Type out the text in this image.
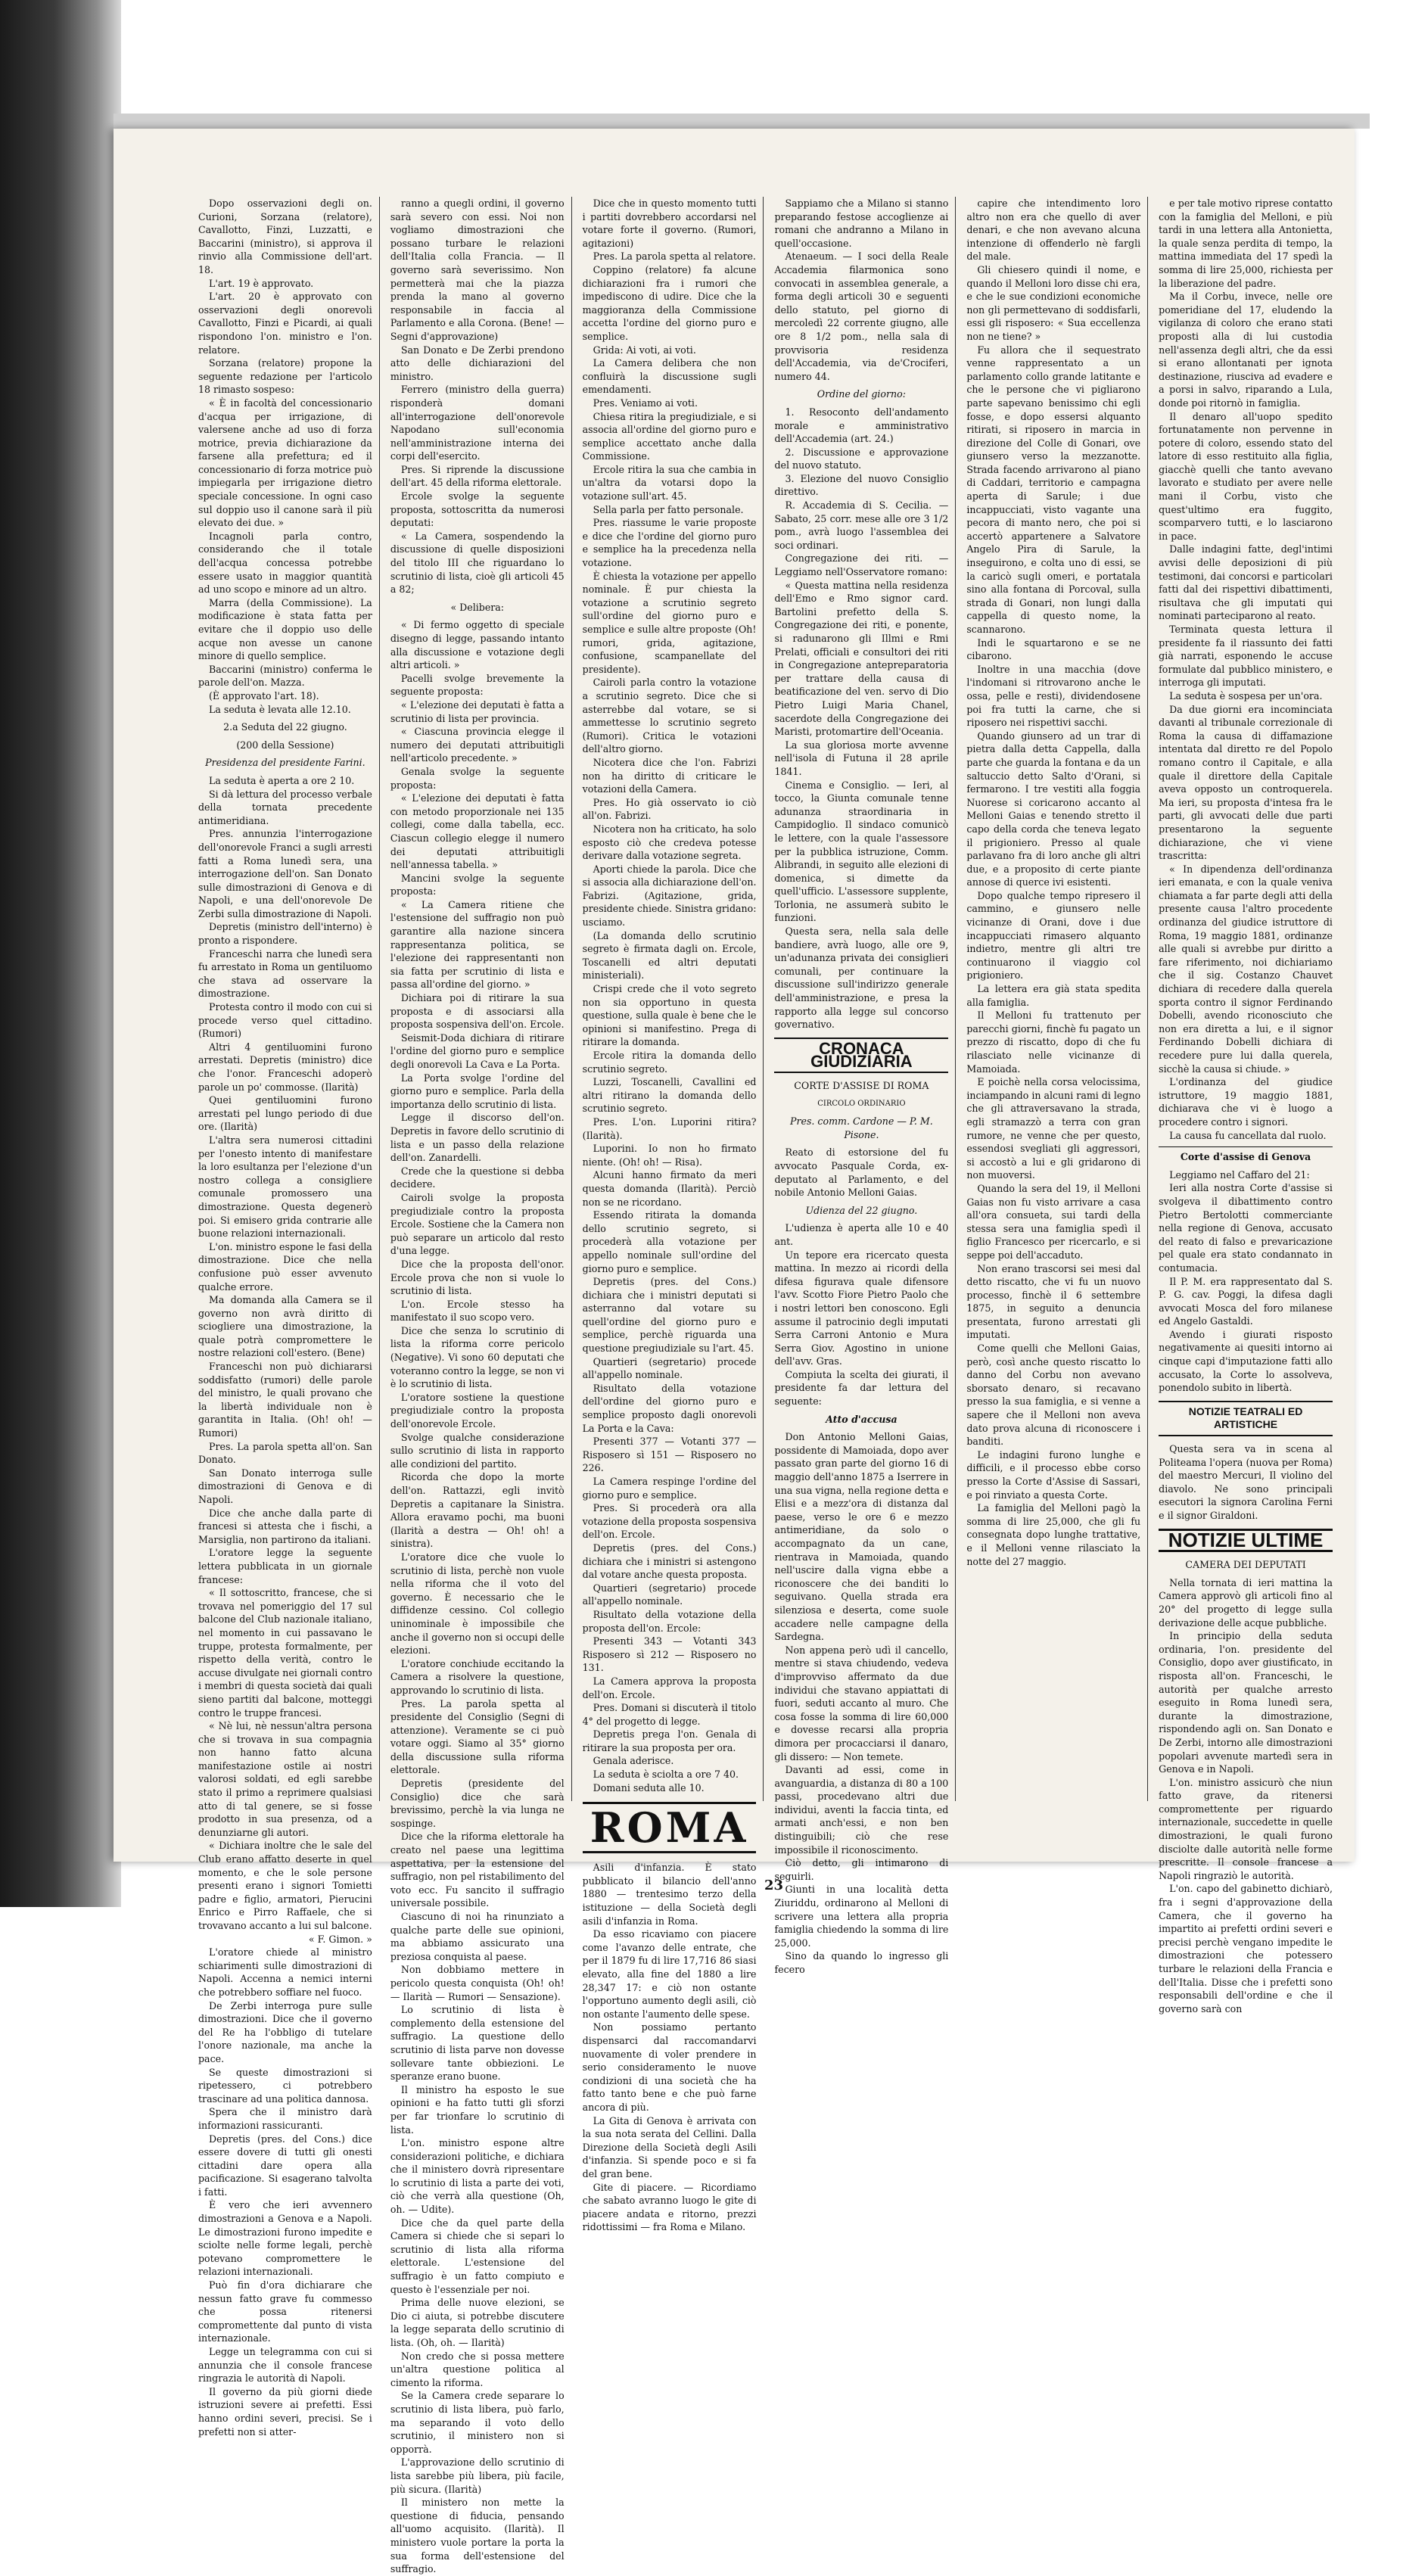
Dopo osservazioni degli on. Curioni, Sorzana (relatore), Cavallotto, Finzi, Luzzatti, e Baccarini (ministro), si approva il rinvio alla Commissione dell'art. 18.

L'art. 19 è approvato.

L'art. 20 è approvato con osservazioni degli onorevoli Cavallotto, Finzi e Picardi, ai quali rispondono l'on. ministro e l'on. relatore.

Sorzana (relatore) propone la seguente redazione per l'articolo 18 rimasto sospeso:

« È in facoltà del concessionario d'acqua per irrigazione, di valersene anche ad uso di forza motrice, previa dichiarazione da farsene alla prefettura; ed il concessionario di forza motrice può impiegarla per irrigazione dietro speciale concessione. In ogni caso sul doppio uso il canone sarà il più elevato dei due. »

Incagnoli parla contro, considerando che il totale dell'acqua concessa potrebbe essere usato in maggior quantità ad uno scopo e minore ad un altro.

Marra (della Commissione). La modificazione è stata fatta per evitare che il doppio uso delle acque non avesse un canone minore di quello semplice.

Baccarini (ministro) conferma le parole dell'on. Mazza.

(È approvato l'art. 18).

La seduta è levata alle 12.10.

2.a Seduta del 22 giugno.

(200 della Sessione)

Presidenza del presidente Farini.

La seduta è aperta a ore 2 10.

Si dà lettura del processo verbale della tornata precedente antimeridiana.

Pres. annunzia l'interrogazione dell'onorevole Franci a sugli arresti fatti a Roma lunedì sera, una interrogazione dell'on. San Donato sulle dimostrazioni di Genova e di Napoli, e una dell'onorevole De Zerbi sulla dimostrazione di Napoli.

Depretis (ministro dell'interno) è pronto a rispondere.

Franceschi narra che lunedì sera fu arrestato in Roma un gentiluomo che stava ad osservare la dimostrazione.

Protesta contro il modo con cui si procede verso quel cittadino. (Rumori)

Altri 4 gentiluomini furono arrestati. Depretis (ministro) dice che l'onor. Franceschi adoperò parole un po' commosse. (Ilarità)

Quei gentiluomini furono arrestati pel lungo periodo di due ore. (Ilarità)

L'altra sera numerosi cittadini per l'onesto intento di manifestare la loro esultanza per l'elezione d'un nostro collega a consigliere comunale promossero una dimostrazione. Questa degenerò poi. Si emisero grida contrarie alle buone relazioni internazionali.

L'on. ministro espone le fasi della dimostrazione. Dice che nella confusione può esser avvenuto qualche errore.

Ma domanda alla Camera se il governo non avrà diritto di sciogliere una dimostrazione, la quale potrà compromettere le nostre relazioni coll'estero. (Bene)

Franceschi non può dichiararsi soddisfatto (rumori) delle parole del ministro, le quali provano che la libertà individuale non è garantita in Italia. (Oh! oh! — Rumori)

Pres. La parola spetta all'on. San Donato.

San Donato interroga sulle dimostrazioni di Genova e di Napoli.

Dice che anche dalla parte di francesi si attesta che i fischi, a Marsiglia, non partirono da italiani.

L'oratore legge la seguente lettera pubblicata in un giornale francese:

« Il sottoscritto, francese, che si trovava nel pomeriggio del 17 sul balcone del Club nazionale italiano, nel momento in cui passavano le truppe, protesta formalmente, per rispetto della verità, contro le accuse divulgate nei giornali contro i membri di questa società dai quali sieno partiti dal balcone, motteggi contro le truppe francesi.

« Nè lui, nè nessun'altra persona che si trovava in sua compagnia non hanno fatto alcuna manifestazione ostile ai nostri valorosi soldati, ed egli sarebbe stato il primo a reprimere qualsiasi atto di tal genere, se si fosse prodotto in sua presenza, od a denunziarne gli autori.

« Dichiara inoltre che le sale del Club erano affatto deserte in quel momento, e che le sole persone presenti erano i signori Tomietti padre e figlio, armatori, Pierucini Enrico e Pirro Raffaele, che si trovavano accanto a lui sul balcone.

« F. Gimon. »

L'oratore chiede al ministro schiarimenti sulle dimostrazioni di Napoli. Accenna a nemici interni che potrebbero soffiare nel fuoco.

De Zerbi interroga pure sulle dimostrazioni. Dice che il governo del Re ha l'obbligo di tutelare l'onore nazionale, ma anche la pace.

Se queste dimostrazioni si ripetessero, ci potrebbero trascinare ad una politica dannosa.

Spera che il ministro darà informazioni rassicuranti.

Depretis (pres. del Cons.) dice essere dovere di tutti gli onesti cittadini dare opera alla pacificazione. Si esagerano talvolta i fatti.

È vero che ieri avvennero dimostrazioni a Genova e a Napoli. Le dimostrazioni furono impedite e sciolte nelle forme legali, perchè potevano compromettere le relazioni internazionali.

Può fin d'ora dichiarare che nessun fatto grave fu commesso che possa ritenersi compromettente dal punto di vista internazionale.

Legge un telegramma con cui si annunzia che il console francese ringrazia le autorità di Napoli.

Il governo da più giorni diede istruzioni severe ai prefetti. Essi hanno ordini severi, precisi. Se i prefetti non si atter-

ranno a quegli ordini, il governo sarà severo con essi. Noi non vogliamo dimostrazioni che possano turbare le relazioni dell'Italia colla Francia. — Il governo sarà severissimo. Non permetterà mai che la piazza prenda la mano al governo responsabile in faccia al Parlamento e alla Corona. (Bene! — Segni d'approvazione)

San Donato e De Zerbi prendono atto delle dichiarazioni del ministro.

Ferrero (ministro della guerra) risponderà domani all'interrogazione dell'onorevole Napodano sull'economia nell'amministrazione interna dei corpi dell'esercito.

Pres. Si riprende la discussione dell'art. 45 della riforma elettorale.

Ercole svolge la seguente proposta, sottoscritta da numerosi deputati:

« La Camera, sospendendo la discussione di quelle disposizioni del titolo III che riguardano lo scrutinio di lista, cioè gli articoli 45 a 82;

« Delibera:

« Di fermo oggetto di speciale disegno di legge, passando intanto alla discussione e votazione degli altri articoli. »

Pacelli svolge brevemente la seguente proposta:

« L'elezione dei deputati è fatta a scrutinio di lista per provincia.

« Ciascuna provincia elegge il numero dei deputati attribuitigli nell'articolo precedente. »

Genala svolge la seguente proposta:

« L'elezione dei deputati è fatta con metodo proporzionale nei 135 collegi, come dalla tabella, ecc. Ciascun collegio elegge il numero dei deputati attribuitigli nell'annessa tabella. »

Mancini svolge la seguente proposta:

« La Camera ritiene che l'estensione del suffragio non può garantire alla nazione sincera rappresentanza politica, se l'elezione dei rappresentanti non sia fatta per scrutinio di lista e passa all'ordine del giorno. »

Dichiara poi di ritirare la sua proposta e di associarsi alla proposta sospensiva dell'on. Ercole.

Seismit-Doda dichiara di ritirare l'ordine del giorno puro e semplice degli onorevoli La Cava e La Porta.

La Porta svolge l'ordine del giorno puro e semplice. Parla della importanza dello scrutinio di lista.

Legge il discorso dell'on. Depretis in favore dello scrutinio di lista e un passo della relazione dell'on. Zanardelli.

Crede che la questione si debba decidere.

Cairoli svolge la proposta pregiudiziale contro la proposta Ercole. Sostiene che la Camera non può separare un articolo dal resto d'una legge.

Dice che la proposta dell'onor. Ercole prova che non si vuole lo scrutinio di lista.

L'on. Ercole stesso ha manifestato il suo scopo vero.

Dice che senza lo scrutinio di lista la riforma corre pericolo (Negative). Vi sono 60 deputati che voteranno contro la legge, se non vi è lo scrutinio di lista.

L'oratore sostiene la questione pregiudiziale contro la proposta dell'onorevole Ercole.

Svolge qualche considerazione sullo scrutinio di lista in rapporto alle condizioni del partito.

Ricorda che dopo la morte dell'on. Rattazzi, egli invitò Depretis a capitanare la Sinistra. Allora eravamo pochi, ma buoni (Ilarità a destra — Oh! oh! a sinistra).

L'oratore dice che vuole lo scrutinio di lista, perchè non vuole nella riforma che il voto del governo. È necessario che le diffidenze cessino. Col collegio uninominale è impossibile che anche il governo non si occupi delle elezioni.

L'oratore conchiude eccitando la Camera a risolvere la questione, approvando lo scrutinio di lista.

Pres. La parola spetta al presidente del Consiglio (Segni di attenzione). Veramente se ci può votare oggi. Siamo al 35° giorno della discussione sulla riforma elettorale.

Depretis (presidente del Consiglio) dice che sarà brevissimo, perchè la via lunga ne sospinge.

Dice che la riforma elettorale ha creato nel paese una legittima aspettativa, per la estensione del suffragio, non pel ristabilimento del voto ecc. Fu sancito il suffragio universale possibile.

Ciascuno di noi ha rinunziato a qualche parte delle sue opinioni, ma abbiamo assicurato una preziosa conquista al paese.

Non dobbiamo mettere in pericolo questa conquista (Oh! oh! — Ilarità — Rumori — Sensazione).

Lo scrutinio di lista è complemento della estensione del suffragio. La questione dello scrutinio di lista parve non dovesse sollevare tante obbiezioni. Le speranze erano buone.

Il ministro ha esposto le sue opinioni e ha fatto tutti gli sforzi per far trionfare lo scrutinio di lista.

L'on. ministro espone altre considerazioni politiche, e dichiara che il ministero dovrà ripresentare lo scrutinio di lista a parte dei voti, ciò che verrà alla questione (Oh, oh. — Udite).

Dice che da quel parte della Camera si chiede che si separi lo scrutinio di lista alla riforma elettorale. L'estensione del suffragio è un fatto compiuto e questo è l'essenziale per noi.

Prima delle nuove elezioni, se Dio ci aiuta, si potrebbe discutere la legge separata dello scrutinio di lista. (Oh, oh. — Ilarità)

Non credo che si possa mettere un'altra questione politica al cimento la riforma.

Se la Camera crede separare lo scrutinio di lista libera, può farlo, ma separando il voto dello scrutinio, il ministero non si opporrà.

L'approvazione dello scrutinio di lista sarebbe più libera, più facile, più sicura. (Ilarità)

Il ministero non mette la questione di fiducia, pensando all'uomo acquisito. (Ilarità). Il ministero vuole portare la porta la sua forma dell'estensione del suffragio.

Dice che in questo momento tutti i partiti dovrebbero accordarsi nel votare forte il governo. (Rumori, agitazioni)

Pres. La parola spetta al relatore.

Coppino (relatore) fa alcune dichiarazioni fra i rumori che impediscono di udire. Dice che la maggioranza della Commissione accetta l'ordine del giorno puro e semplice.

Grida: Ai voti, ai voti.

La Camera delibera che non confluirà la discussione sugli emendamenti.

Pres. Veniamo ai voti.

Chiesa ritira la pregiudiziale, e si associa all'ordine del giorno puro e semplice accettato anche dalla Commissione.

Ercole ritira la sua che cambia in un'altra da votarsi dopo la votazione sull'art. 45.

Sella parla per fatto personale.

Pres. riassume le varie proposte e dice che l'ordine del giorno puro e semplice ha la precedenza nella votazione.

È chiesta la votazione per appello nominale. È pur chiesta la votazione a scrutinio segreto sull'ordine del giorno puro e semplice e sulle altre proposte (Oh! rumori, grida, agitazione, confusione, scampanellate del presidente).

Cairoli parla contro la votazione a scrutinio segreto. Dice che si asterrebbe dal votare, se si ammettesse lo scrutinio segreto (Rumori). Critica le votazioni dell'altro giorno.

Nicotera dice che l'on. Fabrizi non ha diritto di criticare le votazioni della Camera.

Pres. Ho già osservato io ciò all'on. Fabrizi.

Nicotera non ha criticato, ha solo esposto ciò che credeva potesse derivare dalla votazione segreta.

Aporti chiede la parola. Dice che si associa alla dichiarazione dell'on. Fabrizi. (Agitazione, grida, presidente chiede. Sinistra gridano: usciamo.

(La domanda dello scrutinio segreto è firmata dagli on. Ercole, Toscanelli ed altri deputati ministeriali).

Crispi crede che il voto segreto non sia opportuno in questa questione, sulla quale è bene che le opinioni si manifestino. Prega di ritirare la domanda.

Ercole ritira la domanda dello scrutinio segreto.

Luzzi, Toscanelli, Cavallini ed altri ritirano la domanda dello scrutinio segreto.

Pres. L'on. Luporini ritira? (Ilarità).

Luporini. Io non ho firmato niente. (Oh! oh! — Risa).

Alcuni hanno firmato da meri questa domanda (Ilarità). Perciò non se ne ricordano.

Essendo ritirata la domanda dello scrutinio segreto, si procederà alla votazione per appello nominale sull'ordine del giorno puro e semplice.

Depretis (pres. del Cons.) dichiara che i ministri deputati si asterranno dal votare su quell'ordine del giorno puro e semplice, perchè riguarda una questione pregiudiziale su l'art. 45.

Quartieri (segretario) procede all'appello nominale.

Risultato della votazione dell'ordine del giorno puro e semplice proposto dagli onorevoli La Porta e la Cava:

Presenti 377 — Votanti 377 — Risposero sì 151 — Risposero no 226.

La Camera respinge l'ordine del giorno puro e semplice.

Pres. Si procederà ora alla votazione della proposta sospensiva dell'on. Ercole.

Depretis (pres. del Cons.) dichiara che i ministri si astengono dal votare anche questa proposta.

Quartieri (segretario) procede all'appello nominale.

Risultato della votazione della proposta dell'on. Ercole:

Presenti 343 — Votanti 343 Risposero sì 212 — Risposero no 131.

La Camera approva la proposta dell'on. Ercole.

Pres. Domani si discuterà il titolo 4° del progetto di legge.

Depretis prega l'on. Genala di ritirare la sua proposta per ora.

Genala aderisce.

La seduta è sciolta a ore 7 40.

Domani seduta alle 10.

ROMA

Asili d'infanzia. È stato pubblicato il bilancio dell'anno 1880 — trentesimo terzo della istituzione — della Società degli asili d'infanzia in Roma.

Da esso ricaviamo con piacere come l'avanzo delle entrate, che per il 1879 fu di lire 17,716 86 siasi elevato, alla fine del 1880 a lire 28,347 17: e ciò non ostante l'opportuno aumento degli asili, ciò non ostante l'aumento delle spese.

Non possiamo pertanto dispensarci dal raccomandarvi nuovamente di voler prendere in serio consideramento le nuove condizioni di una società che ha fatto tanto bene e che può farne ancora di più.

La Gita di Genova è arrivata con la sua nota serata del Cellini. Dalla Direzione della Società degli Asili d'infanzia. Si spende poco e si fa del gran bene.

Gite di piacere. — Ricordiamo che sabato avranno luogo le gite di piacere andata e ritorno, prezzi ridottissimi — fra Roma e Milano.

Sappiamo che a Milano si stanno preparando festose accoglienze ai romani che andranno a Milano in quell'occasione.

Atenaeum. — I soci della Reale Accademia filarmonica sono convocati in assemblea generale, a forma degli articoli 30 e seguenti dello statuto, pel giorno di mercoledì 22 corrente giugno, alle ore 8 1/2 pom., nella sala di provvisoria residenza dell'Accademia, via de'Crociferi, numero 44.

Ordine del giorno:

1. Resoconto dell'andamento morale e amministrativo dell'Accademia (art. 24.)

2. Discussione e approvazione del nuovo statuto.

3. Elezione del nuovo Consiglio direttivo.

R. Accademia di S. Cecilia. — Sabato, 25 corr. mese alle ore 3 1/2 pom., avrà luogo l'assemblea dei soci ordinari.

Congregazione dei riti. — Leggiamo nell'Osservatore romano:

« Questa mattina nella residenza dell'Emo e Rmo signor card. Bartolini prefetto della S. Congregazione dei riti, e ponente, si radunarono gli Illmi e Rmi Prelati, officiali e consultori dei riti in Congregazione antepreparatoria per trattare della causa di beatificazione del ven. servo di Dio Pietro Luigi Maria Chanel, sacerdote della Congregazione dei Maristi, protomartire dell'Oceania.

La sua gloriosa morte avvenne nell'isola di Futuna il 28 aprile 1841.

Cinema e Consiglio. — Ieri, al tocco, la Giunta comunale tenne adunanza straordinaria in Campidoglio. Il sindaco comunicò le lettere, con la quale l'assessore per la pubblica istruzione, Comm. Alibrandi, in seguito alle elezioni di domenica, si dimette da quell'ufficio. L'assessore supplente, Torlonia, ne assumerà subito le funzioni.

Questa sera, nella sala delle bandiere, avrà luogo, alle ore 9, un'adunanza privata dei consiglieri comunali, per continuare la discussione sull'indirizzo generale dell'amministrazione, e presa la rapporto alla legge sul concorso governativo.

CRONACA GIUDIZIARIA

CORTE D'ASSISE DI ROMA

CIRCOLO ORDINARIO

Pres. comm. Cardone — P. M. Pisone.

Reato di estorsione del fu avvocato Pasquale Corda, ex-deputato al Parlamento, e del nobile Antonio Melloni Gaias.

Udienza del 22 giugno.

L'udienza è aperta alle 10 e 40 ant.

Un tepore era ricercato questa mattina. In mezzo ai ricordi della difesa figurava quale difensore l'avv. Scotto Fiore Pietro Paolo che i nostri lettori ben conoscono. Egli assume il patrocinio degli imputati Serra Carroni Antonio e Mura Serra Giov. Agostino in unione dell'avv. Gras.

Compiuta la scelta dei giurati, il presidente fa dar lettura del seguente:

Atto d'accusa

Don Antonio Melloni Gaias, possidente di Mamoiada, dopo aver passato gran parte del giorno 16 di maggio dell'anno 1875 a Iserrere in una sua vigna, nella regione detta e Elisi e a mezz'ora di distanza dal paese, verso le ore 6 e mezzo antimeridiane, da solo o accompagnato da un cane, rientrava in Mamoiada, quando nell'uscire dalla vigna ebbe a riconoscere che dei banditi lo seguivano. Quella strada era silenziosa e deserta, come suole accadere nelle campagne della Sardegna.

Non appena però udì il cancello, mentre si stava chiudendo, vedeva d'improvviso affermato da due individui che stavano appiattati di fuori, seduti accanto al muro. Che cosa fosse la somma di lire 60,000 e dovesse recarsi alla propria dimora per procacciarsi il danaro, gli dissero: — Non temete.

Davanti ad essi, come in avanguardia, a distanza di 80 a 100 passi, procedevano altri due individui, aventi la faccia tinta, ed armati anch'essi, e non ben distinguibili; ciò che rese impossibile il riconoscimento.

Ciò detto, gli intimarono di seguirli.

Giunti in una località detta Ziuriddu, ordinarono al Melloni di scrivere una lettera alla propria famiglia chiedendo la somma di lire 25,000.

Sino da quando lo ingresso gli fecero

capire che intendimento loro altro non era che quello di aver denari, e che non avevano alcuna intenzione di offenderlo nè fargli del male.

Gli chiesero quindi il nome, e quando il Melloni loro disse chi era, e che le sue condizioni economiche non gli permettevano di soddisfarli, essi gli risposero: « Sua eccellenza non ne tiene? »

Fu allora che il sequestrato venne rappresentato a un parlamento collo grande latitante e che le persone che vi pigliarono parte sapevano benissimo chi egli fosse, e dopo essersi alquanto ritirati, si riposero in marcia in direzione del Colle di Gonari, ove giunsero verso la mezzanotte. Strada facendo arrivarono al piano di Caddari, territorio e campagna aperta di Sarule; i due incappucciati, visto vagante una pecora di manto nero, che poi si accertò appartenere a Salvatore Angelo Pira di Sarule, la inseguirono, e colta uno di essi, se la caricò sugli omeri, e portatala sino alla fontana di Porcoval, sulla strada di Gonari, non lungi dalla cappella di questo nome, la scannarono.

Indi le squartarono e se ne cibarono.

Inoltre in una macchia (dove l'indomani si ritrovarono anche le ossa, pelle e resti), dividendosene poi fra tutti la carne, che si riposero nei rispettivi sacchi.

Quando giunsero ad un trar di pietra dalla detta Cappella, dalla parte che guarda la fontana e da un saltuccio detto Salto d'Orani, si fermarono. I tre vestiti alla foggia Nuorese si coricarono accanto al Melloni Gaias e tenendo stretto il capo della corda che teneva legato il prigioniero. Presso al quale parlavano fra di loro anche gli altri due, e a proposito di certe piante annose di querce ivi esistenti.

Dopo qualche tempo ripresero il cammino, e giunsero nelle vicinanze di Orani, dove i due incappucciati rimasero alquanto indietro, mentre gli altri tre continuarono il viaggio col prigioniero.

La lettera era già stata spedita alla famiglia.

Il Melloni fu trattenuto per parecchi giorni, finchè fu pagato un prezzo di riscatto, dopo di che fu rilasciato nelle vicinanze di Mamoiada.

E poichè nella corsa velocissima, inciampando in alcuni rami di legno che gli attraversavano la strada, egli stramazzò a terra con gran rumore, ne venne che per questo, essendosi svegliati gli aggressori, si accostò a lui e gli gridarono di non muoversi.

Quando la sera del 19, il Melloni Gaias non fu visto arrivare a casa all'ora consueta, sui tardi della stessa sera una famiglia spedì il figlio Francesco per ricercarlo, e si seppe poi dell'accaduto.

Non erano trascorsi sei mesi dal detto riscatto, che vi fu un nuovo processo, finchè il 6 settembre 1875, in seguito a denuncia presentata, furono arrestati gli imputati.

Come quelli che Melloni Gaias, però, così anche questo riscatto lo danno del Corbu non avevano sborsato denaro, si recavano presso la sua famiglia, e si venne a sapere che il Melloni non aveva dato prova alcuna di riconoscere i banditi.

Le indagini furono lunghe e difficili, e il processo ebbe corso presso la Corte d'Assise di Sassari, e poi rinviato a questa Corte.

La famiglia del Melloni pagò la somma di lire 25,000, che gli fu consegnata dopo lunghe trattative, e il Melloni venne rilasciato la notte del 27 maggio.

e per tale motivo riprese contatto con la famiglia del Melloni, e più tardi in una lettera alla Antonietta, la quale senza perdita di tempo, la mattina immediata del 17 spedì la somma di lire 25,000, richiesta per la liberazione del padre.

Ma il Corbu, invece, nelle ore pomeridiane del 17, eludendo la vigilanza di coloro che erano stati proposti alla di lui custodia nell'assenza degli altri, che da essi si erano allontanati per ignota destinazione, riusciva ad evadere e a porsi in salvo, riparando a Lula, donde poi ritornò in famiglia.

Il denaro all'uopo spedito fortunatamente non pervenne in potere di coloro, essendo stato del latore di esso restituito alla figlia, giacchè quelli che tanto avevano lavorato e studiato per avere nelle mani il Corbu, visto che quest'ultimo era fuggito, scomparvero tutti, e lo lasciarono in pace.

Dalle indagini fatte, degl'intimi avvisi delle deposizioni di più testimoni, dai concorsi e particolari fatti dal dei rispettivi dibattimenti, risultava che gli imputati qui nominati parteciparono al reato.

Terminata questa lettura il presidente fa il riassunto dei fatti già narrati, esponendo le accuse formulate dal pubblico ministero, e interroga gli imputati.

La seduta è sospesa per un'ora.

Da due giorni era incominciata davanti al tribunale correzionale di Roma la causa di diffamazione intentata dal diretto re del Popolo romano contro il Capitale, e alla quale il direttore della Capitale aveva opposto un controquerela. Ma ieri, su proposta d'intesa fra le parti, gli avvocati delle due parti presentarono la seguente dichiarazione, che vi viene trascritta:

« In dipendenza dell'ordinanza ieri emanata, e con la quale veniva chiamata a far parte degli atti della presente causa l'altro procedente ordinanza del giudice istruttore di Roma, 19 maggio 1881, ordinanze alle quali si avrebbe pur diritto a fare riferimento, noi dichiariamo che il sig. Costanzo Chauvet dichiara di recedere dalla querela sporta contro il signor Ferdinando Dobelli, avendo riconosciuto che non era diretta a lui, e il signor Ferdinando Dobelli dichiara di recedere pure lui dalla querela, sicchè la causa si chiude. »

L'ordinanza del giudice istruttore, 19 maggio 1881, dichiarava che vi è luogo a procedere contro i signori.

La causa fu cancellata dal ruolo.

Corte d'assise di Genova

Leggiamo nel Caffaro del 21:

Ieri alla nostra Corte d'assise si svolgeva il dibattimento contro Pietro Bertolotti commerciante nella regione di Genova, accusato del reato di falso e prevaricazione pel quale era stato condannato in contumacia.

Il P. M. era rappresentato dal S. P. G. cav. Poggi, la difesa dagli avvocati Mosca del foro milanese ed Angelo Gastaldi.

Avendo i giurati risposto negativamente ai quesiti intorno ai cinque capi d'imputazione fatti allo accusato, la Corte lo assolveva, ponendolo subito in libertà.

NOTIZIE TEATRALI ED ARTISTICHE

Questa sera va in scena al Politeama l'opera (nuova per Roma) del maestro Mercuri, Il violino del diavolo. Ne sono principali esecutori la signora Carolina Ferni e il signor Giraldoni.

NOTIZIE ULTIME

CAMERA DEI DEPUTATI

Nella tornata di ieri mattina la Camera approvò gli articoli fino al 20° del progetto di legge sulla derivazione delle acque pubbliche.

In principio della seduta ordinaria, l'on. presidente del Consiglio, dopo aver giustificato, in risposta all'on. Franceschi, le autorità per qualche arresto eseguito in Roma lunedì sera, durante la dimostrazione, rispondendo agli on. San Donato e De Zerbi, intorno alle dimostrazioni popolari avvenute martedì sera in Genova e in Napoli.

L'on. ministro assicurò che niun fatto grave, da ritenersi compromettente per riguardo internazionale, succedette in quelle dimostrazioni, le quali furono disciolte dalle autorità nelle forme prescritte. Il console francese a Napoli ringraziò le autorità.

L'on. capo del gabinetto dichiarò, fra i segni d'approvazione della Camera, che il governo ha impartito ai prefetti ordini severi e precisi perchè vengano impedite le dimostrazioni che potessero turbare le relazioni della Francia e dell'Italia. Disse che i prefetti sono responsabili dell'ordine e che il governo sarà con

23
